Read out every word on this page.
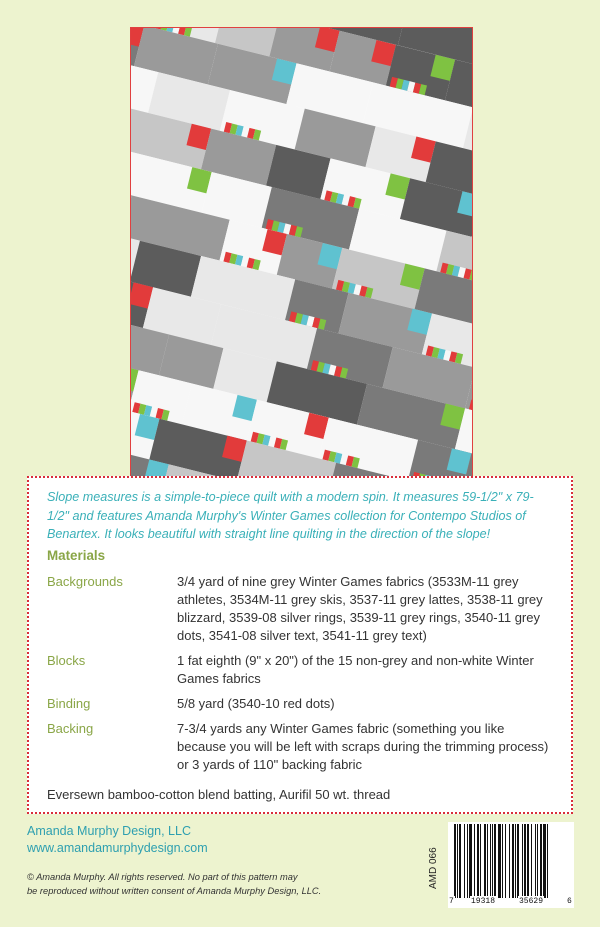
Slope measures is a simple-to-piece quilt with a modern spin. It measures 59-1/2" x 79-1/2" and features Amanda Murphy's Winter Games collection for Contempo Studios of Benartex. It looks beautiful with straight line quilting in the direction of the slope!

Materials
Backgrounds	3/4 yard of nine grey Winter Games fabrics (3533M-11 grey athletes, 3534M-11 grey skis, 3537-11 grey lattes, 3538-11 grey blizzard, 3539-08 silver rings, 3539-11 grey rings, 3540-11 grey dots, 3541-08 silver text, 3541-11 grey text)
Blocks	1 fat eighth (9" x 20") of the 15 non-grey and non-white Winter Games fabrics
Binding	5/8 yard (3540-10 red dots)
Backing	7-3/4 yards any Winter Games fabric (something you like because you will be left with scraps during the trimming process) or 3 yards of 110" backing fabric

Eversewn bamboo-cotton blend batting, Aurifil 50 wt. thread

Amanda Murphy Design, LLC
www.amandamurphydesign.com
© Amanda Murphy. All rights reserved. No part of this pattern may
be reproduced without written consent of Amanda Murphy Design, LLC.
AMD 066
7 19318	35629	6
